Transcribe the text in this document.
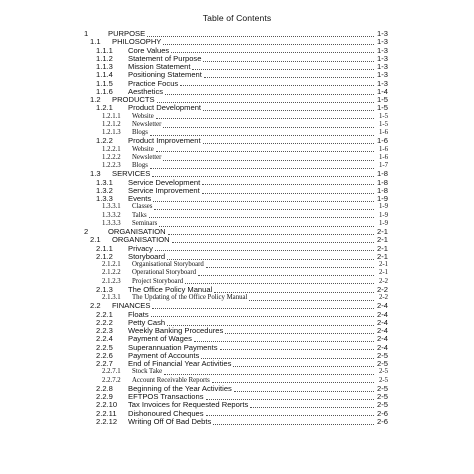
Table of Contents
1	PURPOSE	1-3
1.1 PHILOSOPHY	1-3
1.1.1 Core Values	1-3
1.1.2 Statement of Purpose	1-3
1.1.3 Mission Statement	1-3
1.1.4 Positioning Statement	1-3
1.1.5 Practice Focus	1-3
1.1.6 Aesthetics	1-4
1.2 PRODUCTS	1-5
1.2.1 Product Development	1-5
1.2.1.1 Website	1-5
1.2.1.2 Newsletter	1-5
1.2.1.3 Blogs	1-6
1.2.2 Product Improvement	1-6
1.2.2.1 Website	1-6
1.2.2.2 Newsletter	1-6
1.2.2.3 Blogs	1-7
1.3 SERVICES	1-8
1.3.1 Service Development	1-8
1.3.2 Service Improvement	1-8
1.3.3 Events	1-9
1.3.3.1 Classes	1-9
1.3.3.2 Talks	1-9
1.3.3.3 Seminars	1-9
2	ORGANISATION	2-1
2.1 ORGANISATION	2-1
2.1.1 Privacy	2-1
2.1.2 Storyboard	2-1
2.1.2.1 Organisational Storyboard	2-1
2.1.2.2 Operational Storyboard	2-1
2.1.2.3 Project Storyboard	2-2
2.1.3 The Office Policy Manual	2-2
2.1.3.1 The Updating of the Office Policy Manual	2-2
2.2 FINANCES	2-4
2.2.1 Floats	2-4
2.2.2 Petty Cash	2-4
2.2.3 Weekly Banking Procedures	2-4
2.2.4 Payment of Wages	2-4
2.2.5 Superannuation Payments	2-4
2.2.6 Payment of Accounts	2-5
2.2.7 End of Financial Year Activities	2-5
2.2.7.1 Stock Take	2-5
2.2.7.2 Account Receivable Reports	2-5
2.2.8 Beginning of the Year Activities	2-5
2.2.9 EFTPOS Transactions	2-5
2.2.10 Tax Invoices for Requested Reports	2-5
2.2.11 Dishonoured Cheques	2-6
2.2.12 Writing Off Of Bad Debts	2-6
